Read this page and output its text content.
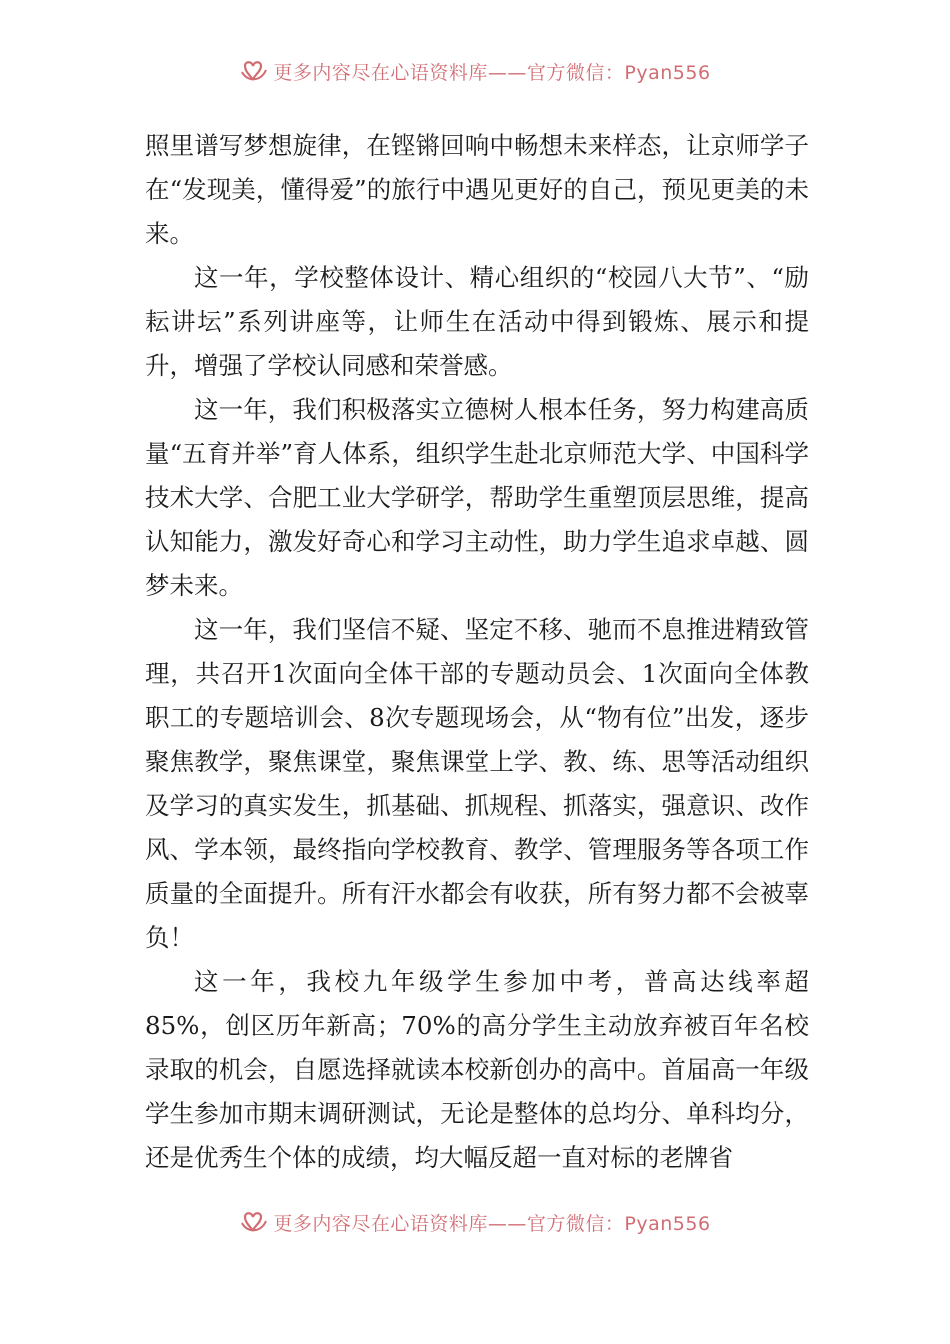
更多内容尽在心语资料库——官方微信：Pyan556

照里谱写梦想旋律，在铿锵回响中畅想未来样态，让京师学子在“发现美，懂得爱”的旅行中遇见更好的自己，预见更美的未来。

这一年，学校整体设计、精心组织的“校园八大节”、“励耘讲坛”系列讲座等，让师生在活动中得到锻炼、展示和提升，增强了学校认同感和荣誉感。

这一年，我们积极落实立德树人根本任务，努力构建高质量“五育并举”育人体系，组织学生赴北京师范大学、中国科学技术大学、合肥工业大学研学，帮助学生重塑顶层思维，提高认知能力，激发好奇心和学习主动性，助力学生追求卓越、圆梦未来。

这一年，我们坚信不疑、坚定不移、驰而不息推进精致管理，共召开1次面向全体干部的专题动员会、1次面向全体教职工的专题培训会、8次专题现场会，从“物有位”出发，逐步聚焦教学，聚焦课堂，聚焦课堂上学、教、练、思等活动组织及学习的真实发生，抓基础、抓规程、抓落实，强意识、改作风、学本领，最终指向学校教育、教学、管理服务等各项工作质量的全面提升。所有汗水都会有收获，所有努力都不会被辜负！

这一年，我校九年级学生参加中考，普高达线率超85%，创区历年新高；70%的高分学生主动放弃被百年名校录取的机会，自愿选择就读本校新创办的高中。首届高一年级学生参加市期末调研测试，无论是整体的总均分、单科均分，还是优秀生个体的成绩，均大幅反超一直对标的老牌省

更多内容尽在心语资料库——官方微信：Pyan556
